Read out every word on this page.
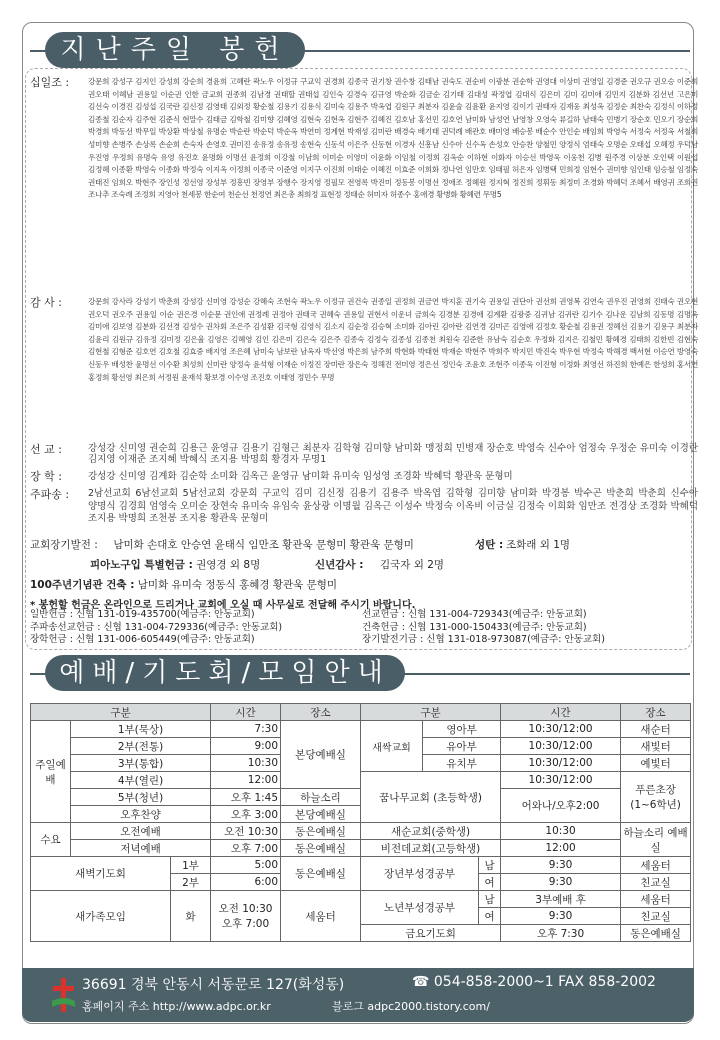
지난주일 봉헌
십일조 :	강문희 강성구 김지인 강성희 강순희 경윤희 고혜란 곽노우 이정규 구교익 권경희 김종국 권기창 권수창 김태남 권숙도 권순비 이광분 권순학 권영대 이상미 권영일 김경준 권오규 권오승 이준희 권오태 이혜남 권용일 이순권 인한 금교희 권종희 김남경 권태할 권태섭 김인숙 김경숙 김규영 박순화 김금순 김기태 김대성 곽정엽 김대식 김은미 김미 김미애 김민지 김분화 김선년 고은미 김선숙 이경진 김성섭 김국란 김신정 김영태 김외정 황순철 김용기 김용식 김미숙 김용주 박옥엽 김원구 최분자 김윤술 김윤환 윤지영 김이기 권태자 김재웅 최성옥 김정순 최찬숙 김정식 이하정 김종철 김순자 김주현 김준식 현말수 김태금 김학철 김미향 김혜영 김현숙 김현옥 김현주 김혜진 김호남 홍선민 김호연 남미화 남성연 남영창 오영숙 류길하 남태숙 민병기 장순호 민오기 장순희 박경희 박동선 박무일 박상환 박상철 유명순 박순란 박순덕 박순옥 박연미 정계현 박재성 김미란 배경숙 배기태 권덕례 배관호 배미영 배승봉 배순수 안인순 배임희 박영숙 서정숙 서정옥 서철희 성미향 손병주 손상록 손순희 손숙자 손영호 권미진 송유정 송유정 송현숙 신동석 이은주 신동현 이경자 신흥남 신수아 신수옥 손성호 안승찬 양철민 양정식 엄태숙 오명순 오태섭 오혜정 우덕남 우진영 우정희 유명숙 유영 유진호 윤명화 이명선 윤정희 이강철 이남희 이미순 이영미 이윤화 이임철 이정희 김옥순 이하현 이화자 이승선 박영욱 이웅천 김병 원주경 이상분 오인택 이원섭 김정혜 이종환 박영숙 이종화 박정숙 이지옥 이정희 이종국 이준영 이지구 이진희 이태순 이혜진 이효준 이희화 정나연 임만호 임태필 허은자 임병택 민희정 임현수 권미향 임인태 임승철 임정숙 권태진 임희오 박현주 장인성 정선영 장성부 정흥빈 장영부 장행수 장지영 정필모 전영록 박진미 정동봉 이명선 정애조 정혜원 정지혁 정진희 정휘동 최정미 조경화 박혜덕 조혜서 배영귀 조희권 조나추 조숙례 조정희 지영아 천세봉 한순여 천순선 천정연 최은총 최희정 표현정 정태순 허미자 허종수 홍애경 황병화 황혜련 무명5
감 사 :	강문희 강사라 강성기 박춘희 강성강 신미영 강성순 강혜숙 조현숙 곽노우 이정규 권건숙 권종일 권정희 권금연 박지훈 권기숙 권용일 권단아 권선희 권영복 김연숙 권우진 권영희 진태숙 권오현 권오덕 권오주 권용일 이순 권은경 이순문 권인애 권정례 권정아 권태국 권혜숙 권용일 권현서 이운녀 금희숙 김경분 김경애 김계환 김광중 김귀남 김귀란 김기수 김나운 김남희 김동명 김명옥 김미애 김보영 김분화 김선경 김성수 권차회 조은주 김성환 김국형 김영식 김소지 김순정 김승혁 소미화 김아린 김아란 김연경 김미곤 김영애 김정호 황순철 김용권 정혜선 김용기 김용구 최분자 김윤리 김원규 김유정 김미정 김은율 김영은 김혜영 김인 김은미 김은숙 김은주 김종숙 김정숙 김종성 김종천 최원숙 김준한 유남숙 김순호 우정화 김지은 김철민 황혜경 김태희 김한빈 김현숙 김현철 김형준 김호연 김호철 김효중 배지영 조은혜 남미숙 남보란 남옥자 박선영 박은희 남주희 박현화 박태현 박재순 박현주 박희주 박지민 박진숙 박우현 박정숙 박해경 백서현 이승연 방영숙 신동우 배성찬 윤명선 이수환 최성희 신미란 양정숙 윤석형 이재순 이정진 장미란 장은숙 정해진 전미영 정은선 정인숙 조윤호 조현주 이종욱 이진형 이정화 최영선 하진희 한예은 한성희 홍서연 홍정희 황선영 최은희 서정원 윤재석 황보경 이수영 조진호 이태영 정민수 무명
선 교 :	강성강 신미영 권순희 김용근 윤영규 김용기 김형근 최분자 김학형 김미향 남미화 맹정희 민병재 장순호 박영숙 신수아 엄정숙 우정순 유미숙 이경란 김지영 이재준 조지혜 박혜식 조지용 박명희 황경자 무명1
장 학 :	강성강 신미영 김계화 김순학 소미화 김옥근 윤영규 남미화 유미숙 임성영 조경화 박혜덕 황관욱 문형미
주파송 :	2남선교회 6남선교회 5남선교회 강문희 구교익 김미 김신정 김용기 김용주 박옥엽 김학형 김미향 남미화 박경봉 박수곤 박춘희 박춘희 신수아 양명식 김경희 엄영숙 오미순 장현숙 유미숙 유임숙 윤상광 이명월 김옥근 이성수 박정숙 이옥비 이금실 김정숙 이희화 임만조 전경상 조경화 박혜덕 조지용 박명희 조천봉 조지용 황관욱 문형미
교회장기발전 : 남미화 손대호 안승연 윤태식 임만조 황관욱 문형미 황관욱 문형미	성탄 : 조화래 외 1명
피아노구입 특별헌금 : 권영경 외 8명	신년감사 : 김국자 외 2명
100주년기념관 건축 : 남미화 유미숙 정동식 홍혜경 황관욱 문형미
* 봉헌할 헌금은 온라인으로 드리거나 교회에 오실 때 사무실로 전달해 주시기 바랍니다.
일반헌금 : 신협 131-019-435700(예금주: 안동교회)
주파송선교헌금 : 신협 131-004-729336(예금주: 안동교회)
장학헌금 : 신협 131-006-605449(예금주: 안동교회)
선교헌금 : 신협 131-004-729343(예금주: 안동교회)
건축헌금 : 신협 131-000-150433(예금주: 안동교회)
장기발전기금 : 신협 131-018-973087(예금주: 안동교회)
예배/기도회/모임안내
구분			시간	장소	구분			시간	장소
주일예배	1부(묵상)		7:30	본당예배실	새싹교회	영아부		10:30/12:00	새순터
	2부(전통)		9:00			유아부		10:30/12:00	새빛터
	3부(통합)		10:30			유치부		10:30/12:00	예빛터
	4부(열린)		12:00		꿈나무교회 (초등학생)			10:30/12:00	푸른초장(1~6학년)
	5부(청년)		오후 1:45	하늘소리				어와나/오후2:00	
	오후찬양		오후 3:00	본당예배실					
수요	오전예배		오전 10:30	동은예배실	새순교회(중학생)			10:30	하늘소리 예배실
	저녁예배		오후 7:00	동은예배실	비전데교회(고등학생)			12:00	
새벽기도회		1부	5:00	동은예배실	장년부성경공부		남	9:30	세움터
		2부	6:00				여	9:30	친교실
새가족모임		화	오전 10:30 오후 7:00	세움터	노년부성경공부		남	3부예배 후	세움터
							여	9:30	친교실
					금요기도회			오후 7:30	동은예배실
36691 경북 안동시 서동문로 127(화성동)	☎ 054-858-2000~1 FAX 858-2002
홈페이지 주소 http://www.adpc.or.kr	블로그 adpc2000.tistory.com/
